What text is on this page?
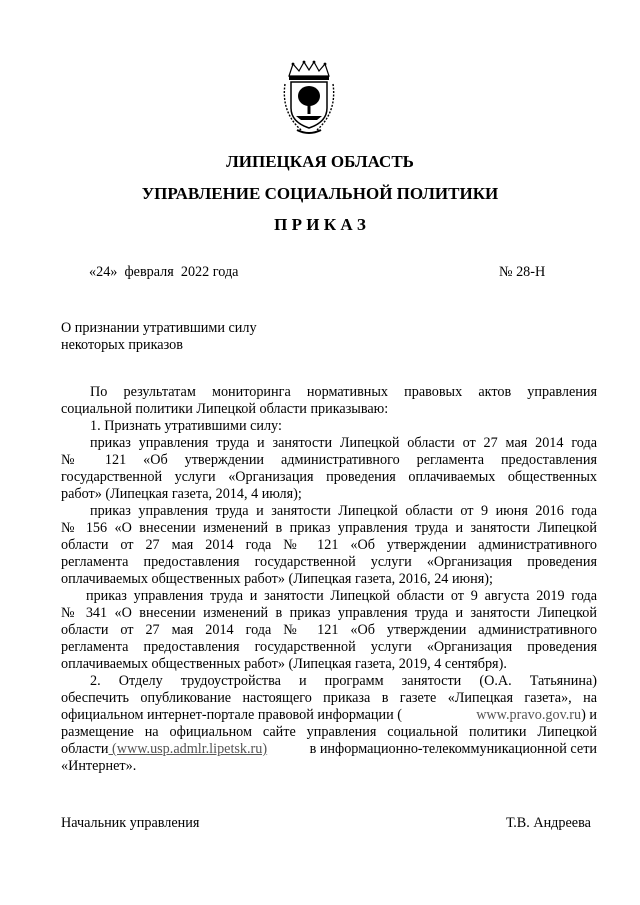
ЛИПЕЦКАЯ ОБЛАСТЬ
УПРАВЛЕНИЕ СОЦИАЛЬНОЙ ПОЛИТИКИ
П Р И К А З
«24»  февраля  2022 года	№ 28-Н
О признании утратившими силу
некоторых приказов
По результатам мониторинга нормативных правовых актов управления
социальной политики Липецкой области приказываю:
1. Признать утратившими силу:
приказ управления труда и занятости Липецкой области от 27 мая 2014 года
№ 121 «Об утверждении административного регламента предоставления
государственной услуги «Организация проведения оплачиваемых общественных
работ» (Липецкая газета, 2014, 4 июля);
приказ управления труда и занятости Липецкой области от 9 июня 2016 года
№ 156 «О внесении изменений в приказ управления труда и занятости Липецкой
области от 27 мая 2014 года № 121 «Об утверждении административного
регламента предоставления государственной услуги «Организация проведения
оплачиваемых общественных работ» (Липецкая газета, 2016, 24 июня);
приказ управления труда и занятости Липецкой области от 9 августа 2019 года
№ 341 «О внесении изменений в приказ управления труда и занятости Липецкой
области от 27 мая 2014 года № 121 «Об утверждении административного
регламента предоставления государственной услуги «Организация проведения
оплачиваемых общественных работ» (Липецкая газета, 2019, 4 сентября).
2. Отделу трудоустройства и программ занятости (О.А. Татьянина)
обеспечить опубликование настоящего приказа в газете «Липецкая газета», на
официальном интернет-портале правовой информации (	www.pravo.gov.ru) и
размещение на официальном сайте управления социальной политики Липецкой
области (www.usp.admlr.lipetsk.ru)	в информационно-телекоммуникационной сети
«Интернет».
Начальник управления	Т.В. Андреева
